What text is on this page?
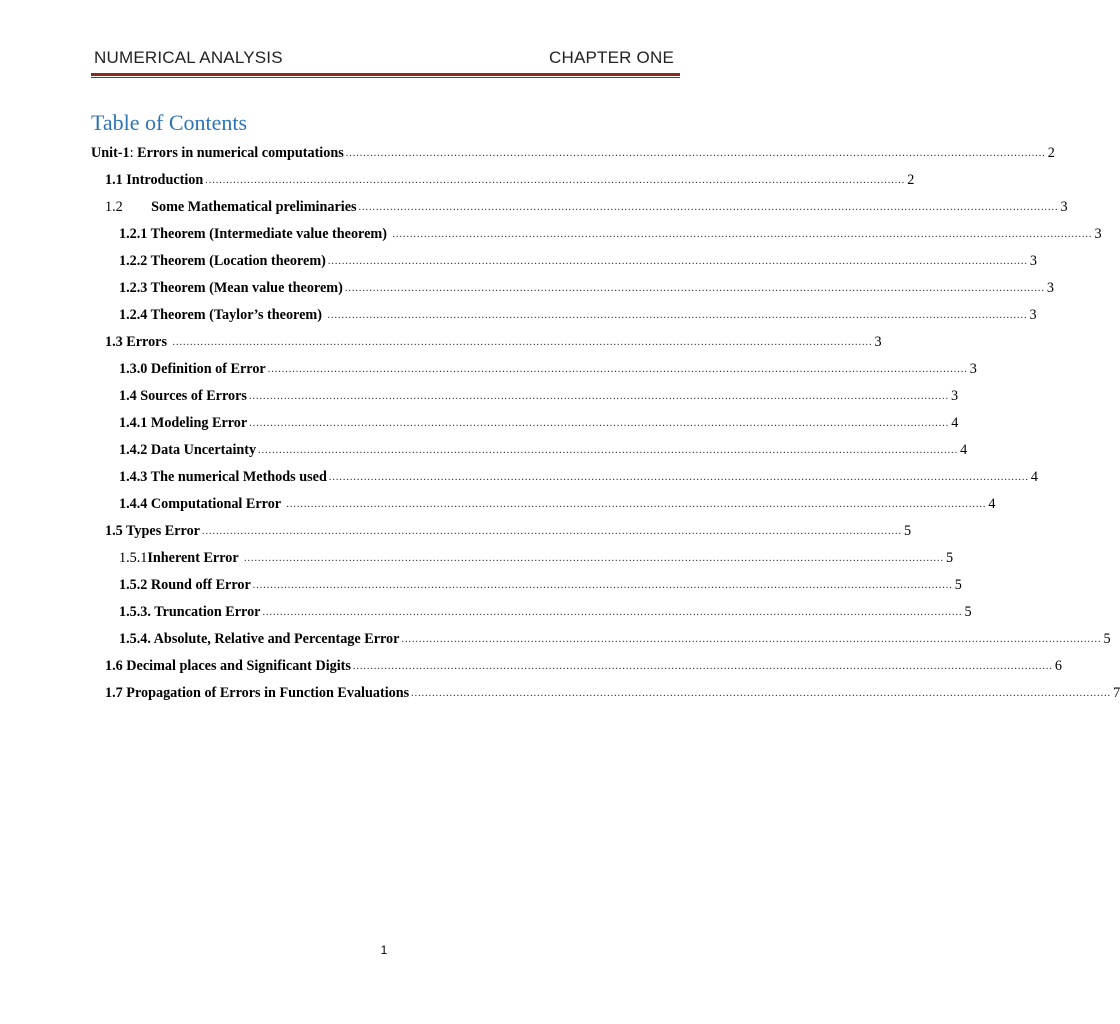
NUMERICAL ANALYSIS	CHAPTER ONE
Table of Contents
Unit-1: Errors in numerical computations ........................................................................................................................................................................................................ 2
1.1 Introduction ........................................................................................................................................................................................................ 2
1.2 Some Mathematical preliminaries ........................................................................................................................................................................................................ 3
1.2.1 Theorem (Intermediate value theorem) ........................................................................................................................................................................................................ 3
1.2.2 Theorem (Location theorem) ........................................................................................................................................................................................................ 3
1.2.3 Theorem (Mean value theorem) ........................................................................................................................................................................................................ 3
1.2.4 Theorem (Taylor’s theorem) ........................................................................................................................................................................................................ 3
1.3 Errors ........................................................................................................................................................................................................ 3
1.3.0 Definition of Error ........................................................................................................................................................................................................ 3
1.4 Sources of Errors ........................................................................................................................................................................................................ 3
1.4.1 Modeling Error ........................................................................................................................................................................................................ 4
1.4.2 Data Uncertainty ........................................................................................................................................................................................................ 4
1.4.3 The numerical Methods used ........................................................................................................................................................................................................ 4
1.4.4 Computational Error ........................................................................................................................................................................................................ 4
1.5 Types Error ........................................................................................................................................................................................................ 5
1.5.1Inherent Error ........................................................................................................................................................................................................ 5
1.5.2 Round off Error ........................................................................................................................................................................................................ 5
1.5.3. Truncation Error ........................................................................................................................................................................................................ 5
1.5.4. Absolute, Relative and Percentage Error ........................................................................................................................................................................................................ 5
1.6 Decimal places and Significant Digits ........................................................................................................................................................................................................ 6
1.7 Propagation of Errors in Function Evaluations ........................................................................................................................................................................................................ 7
1
